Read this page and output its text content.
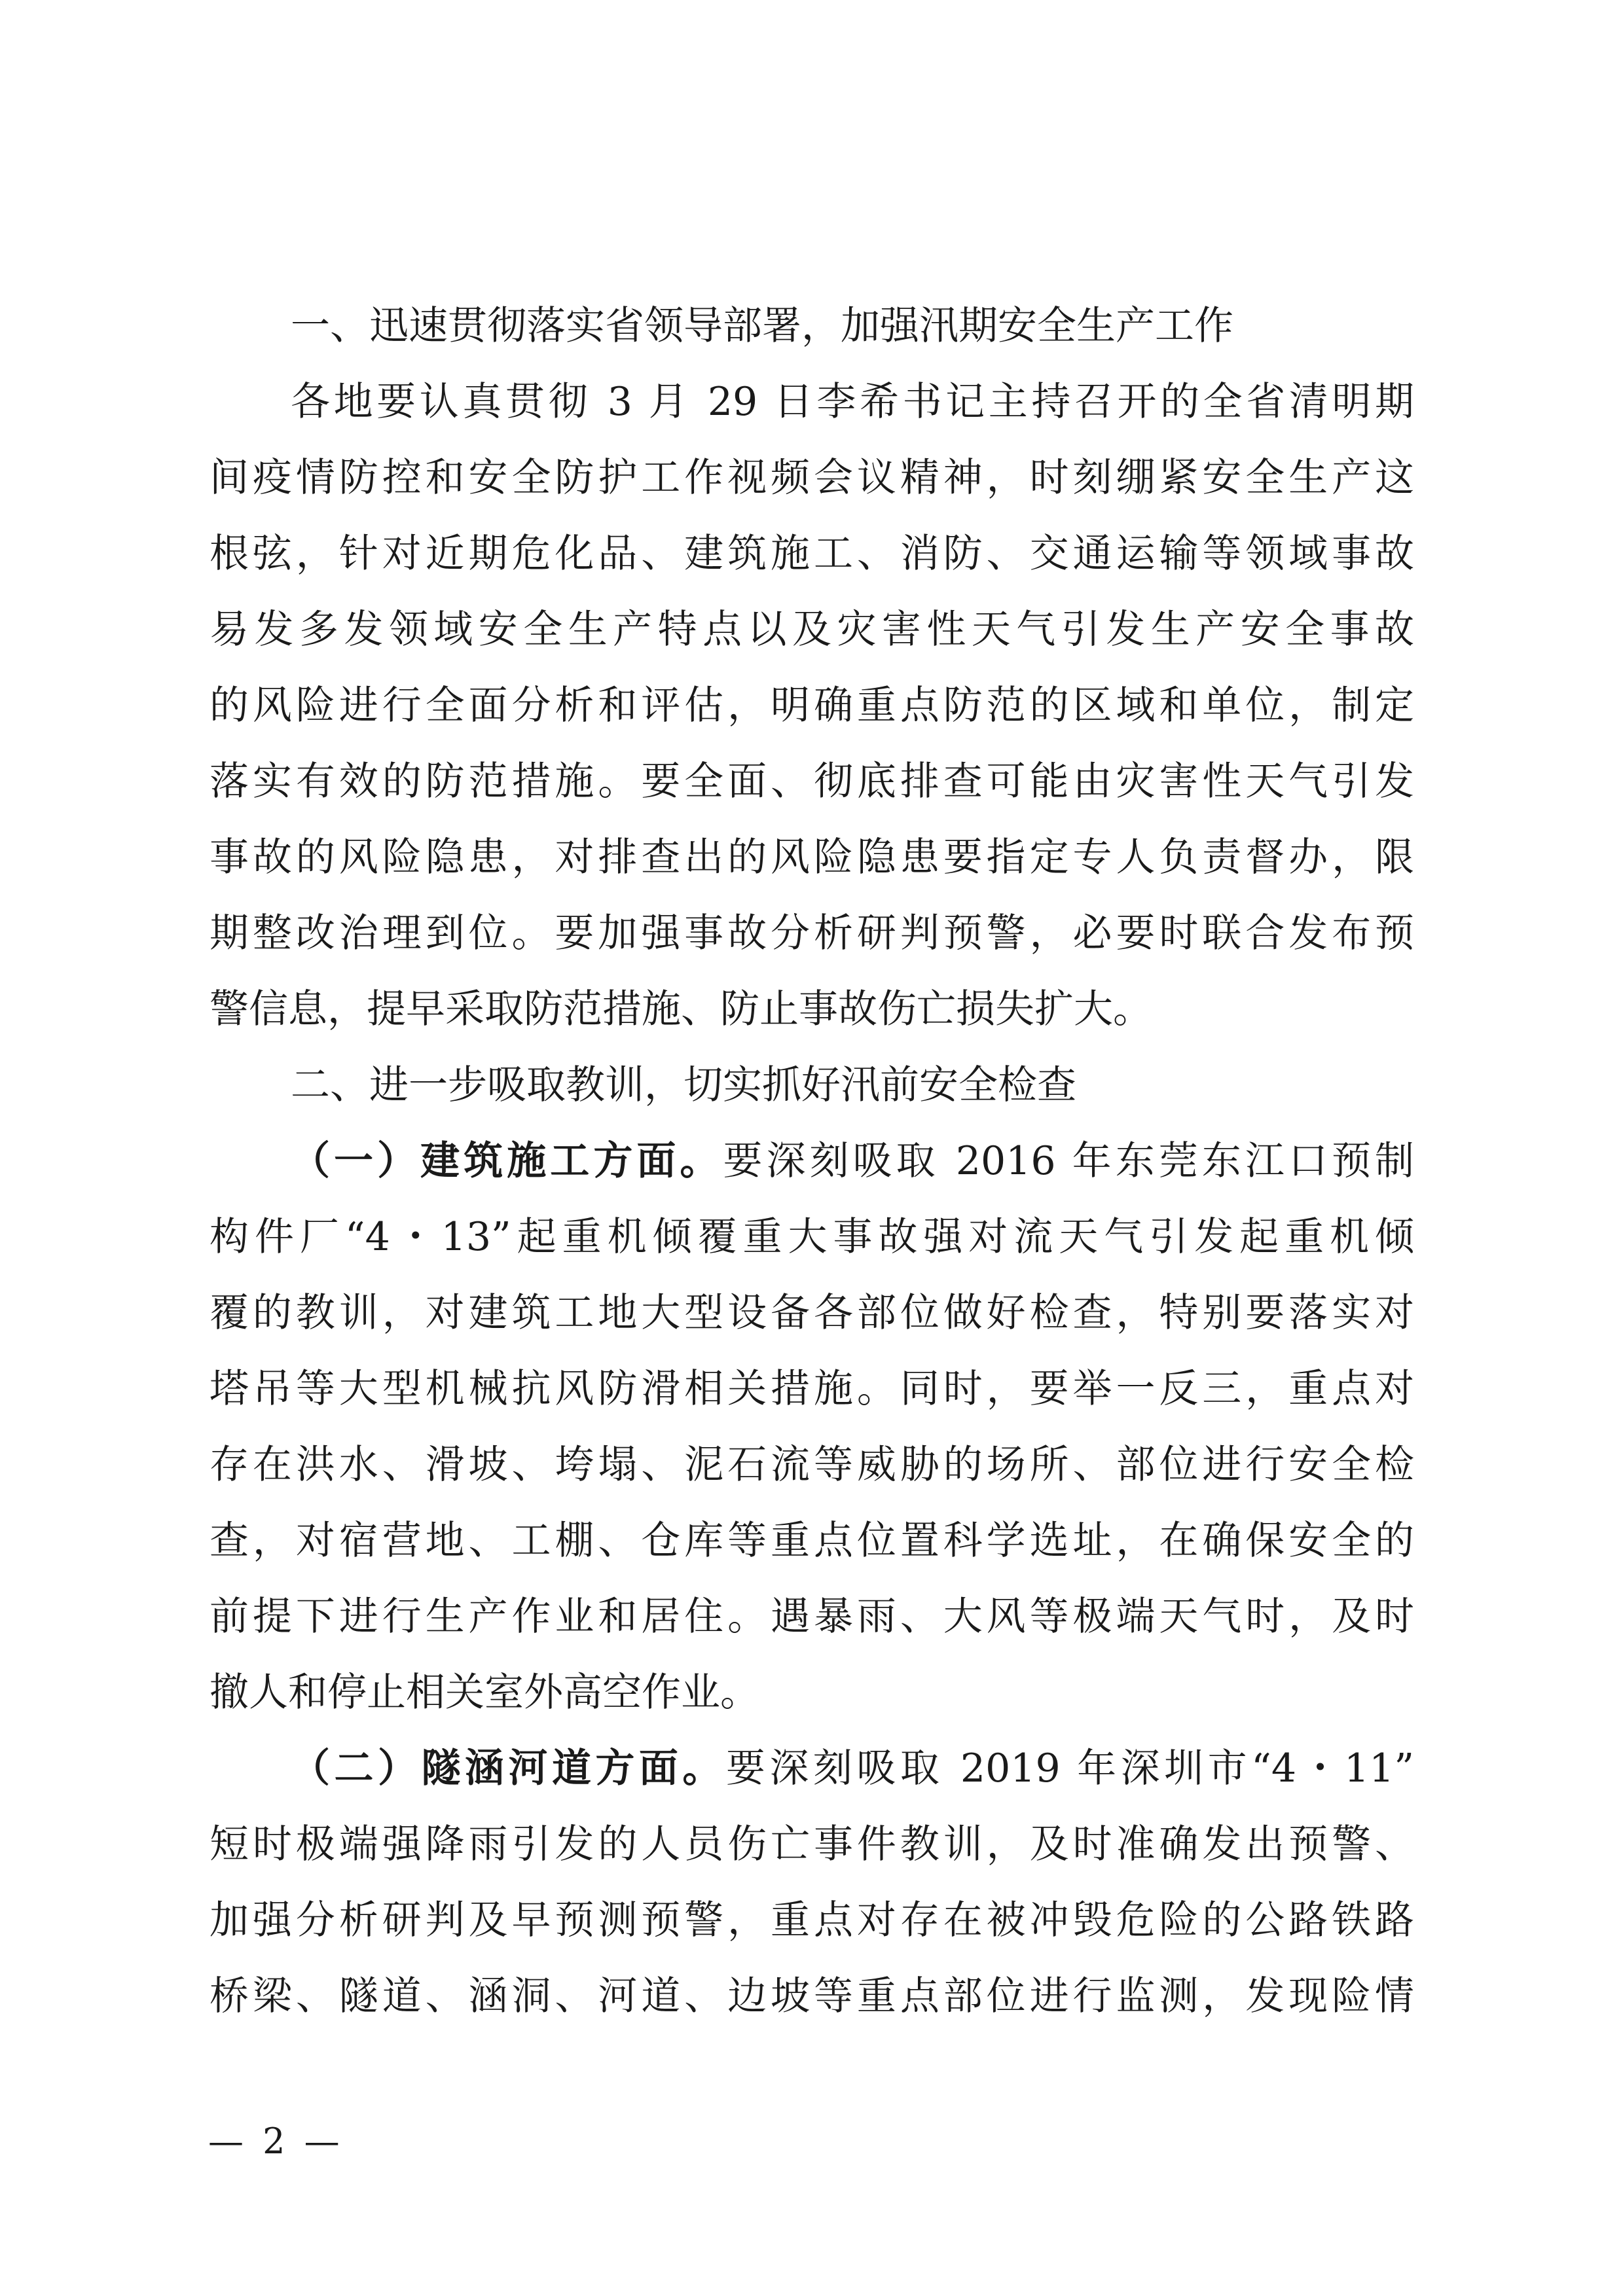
一、迅速贯彻落实省领导部署，加强汛期安全生产工作
各地要认真贯彻 3 月 29 日李希书记主持召开的全省清明期
间疫情防控和安全防护工作视频会议精神，时刻绷紧安全生产这
根弦，针对近期危化品、建筑施工、消防、交通运输等领域事故
易发多发领域安全生产特点以及灾害性天气引发生产安全事故
的风险进行全面分析和评估，明确重点防范的区域和单位，制定
落实有效的防范措施。要全面、彻底排查可能由灾害性天气引发
事故的风险隐患，对排查出的风险隐患要指定专人负责督办，限
期整改治理到位。要加强事故分析研判预警，必要时联合发布预
警信息，提早采取防范措施、防止事故伤亡损失扩大。
二、进一步吸取教训，切实抓好汛前安全检查
（一）建筑施工方面。要深刻吸取 2016 年东莞东江口预制
构件厂“4・13”起重机倾覆重大事故强对流天气引发起重机倾
覆的教训，对建筑工地大型设备各部位做好检查，特别要落实对
塔吊等大型机械抗风防滑相关措施。同时，要举一反三，重点对
存在洪水、滑坡、垮塌、泥石流等威胁的场所、部位进行安全检
查，对宿营地、工棚、仓库等重点位置科学选址，在确保安全的
前提下进行生产作业和居住。遇暴雨、大风等极端天气时，及时
撤人和停止相关室外高空作业。
（二）隧涵河道方面。要深刻吸取 2019 年深圳市“4・11”
短时极端强降雨引发的人员伤亡事件教训，及时准确发出预警、
加强分析研判及早预测预警，重点对存在被冲毁危险的公路铁路
桥梁、隧道、涵洞、河道、边坡等重点部位进行监测，发现险情
— 2 —
